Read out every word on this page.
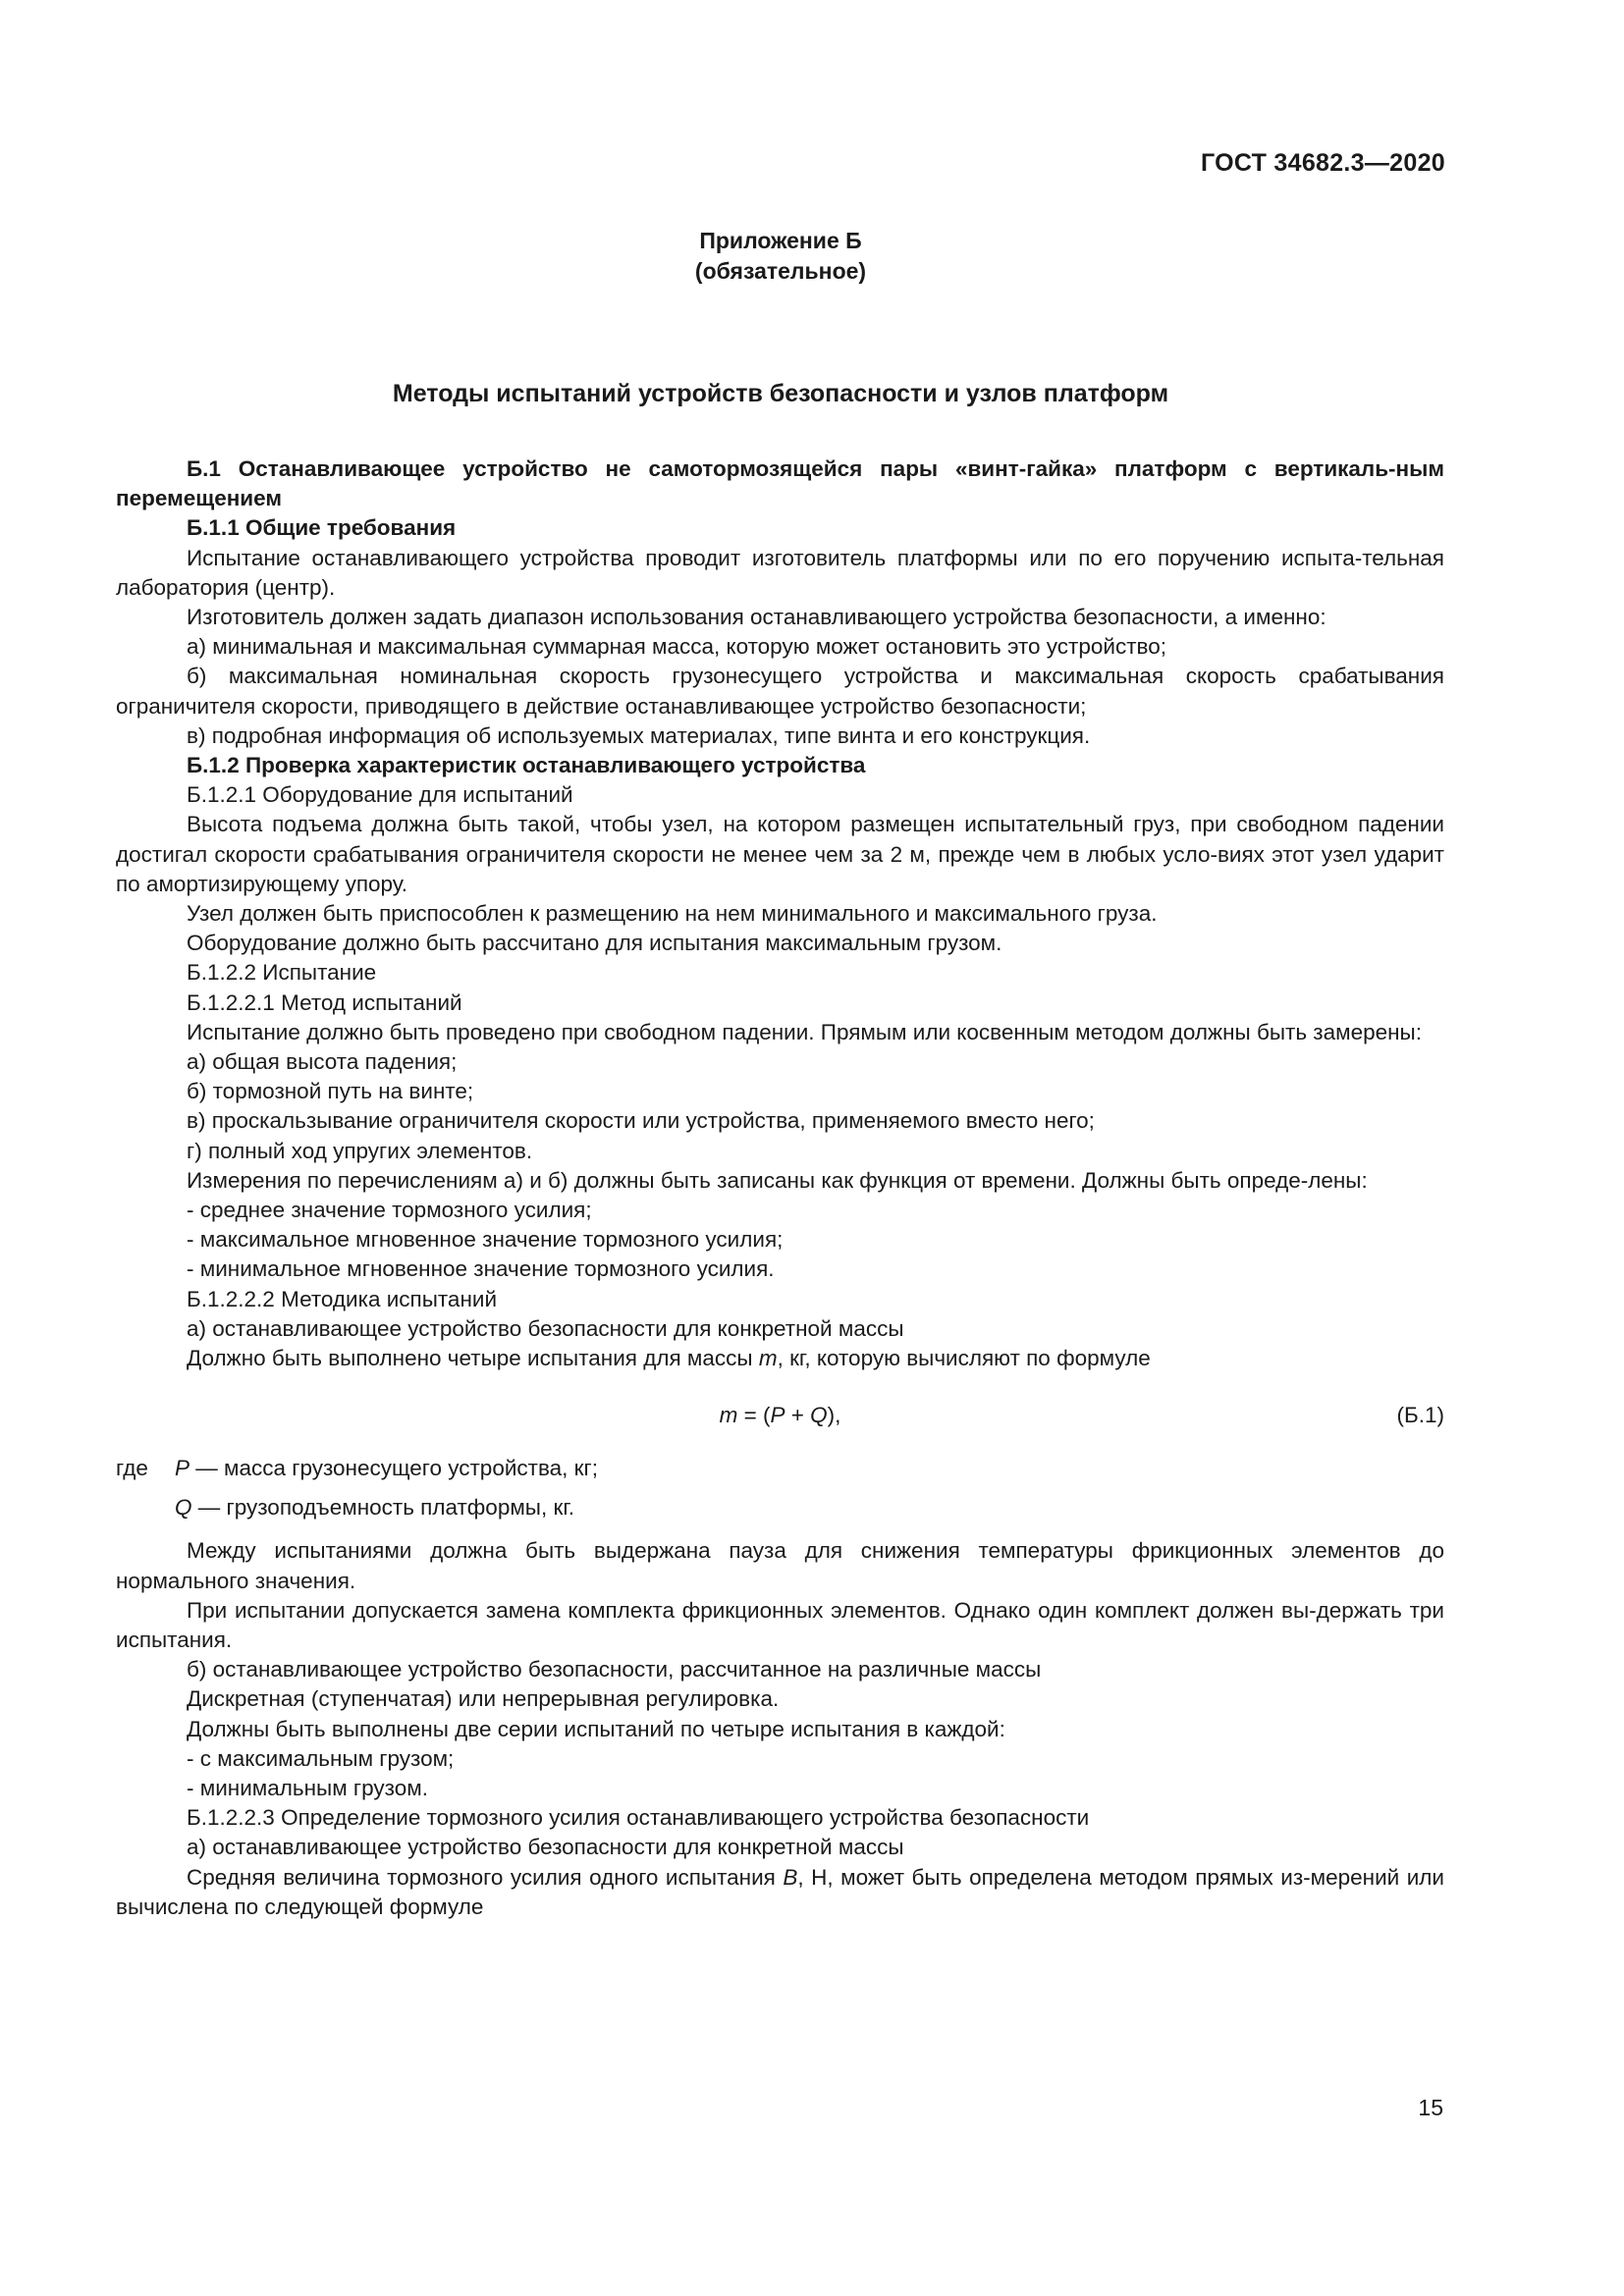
ГОСТ 34682.3—2020
Приложение Б
(обязательное)
Методы испытаний устройств безопасности и узлов платформ

Б.1 Останавливающее устройство не самотормозящейся пары «винт-гайка» платформ с вертикаль-ным перемещением

Б.1.1 Общие требования

Испытание останавливающего устройства проводит изготовитель платформы или по его поручению испыта-тельная лаборатория (центр).

Изготовитель должен задать диапазон использования останавливающего устройства безопасности, а именно:

а) минимальная и максимальная суммарная масса, которую может остановить это устройство;

б) максимальная номинальная скорость грузонесущего устройства и максимальная скорость срабатывания ограничителя скорости, приводящего в действие останавливающее устройство безопасности;

в) подробная информация об используемых материалах, типе винта и его конструкция.

Б.1.2 Проверка характеристик останавливающего устройства

Б.1.2.1 Оборудование для испытаний

Высота подъема должна быть такой, чтобы узел, на котором размещен испытательный груз, при свободном падении достигал скорости срабатывания ограничителя скорости не менее чем за 2 м, прежде чем в любых усло-виях этот узел ударит по амортизирующему упору.

Узел должен быть приспособлен к размещению на нем минимального и максимального груза.

Оборудование должно быть рассчитано для испытания максимальным грузом.

Б.1.2.2 Испытание

Б.1.2.2.1 Метод испытаний

Испытание должно быть проведено при свободном падении. Прямым или косвенным методом должны быть замерены:

а) общая высота падения;

б) тормозной путь на винте;

в) проскальзывание ограничителя скорости или устройства, применяемого вместо него;

г) полный ход упругих элементов.

Измерения по перечислениям а) и б) должны быть записаны как функция от времени. Должны быть опреде-лены:

- среднее значение тормозного усилия;

- максимальное мгновенное значение тормозного усилия;

- минимальное мгновенное значение тормозного усилия.

Б.1.2.2.2 Методика испытаний

а) останавливающее устройство безопасности для конкретной массы

Должно быть выполнено четыре испытания для массы m, кг, которую вычисляют по формуле

m = (P + Q),	(Б.1)
где P — масса грузонесущего устройства, кг;
Q — грузоподъемность платформы, кг.

Между испытаниями должна быть выдержана пауза для снижения температуры фрикционных элементов до нормального значения.

При испытании допускается замена комплекта фрикционных элементов. Однако один комплект должен вы-держать три испытания.

б) останавливающее устройство безопасности, рассчитанное на различные массы

Дискретная (ступенчатая) или непрерывная регулировка.

Должны быть выполнены две серии испытаний по четыре испытания в каждой:

- с максимальным грузом;

- минимальным грузом.

Б.1.2.2.3 Определение тормозного усилия останавливающего устройства безопасности

а) останавливающее устройство безопасности для конкретной массы

Средняя величина тормозного усилия одного испытания B, Н, может быть определена методом прямых из-мерений или вычислена по следующей формуле

15
